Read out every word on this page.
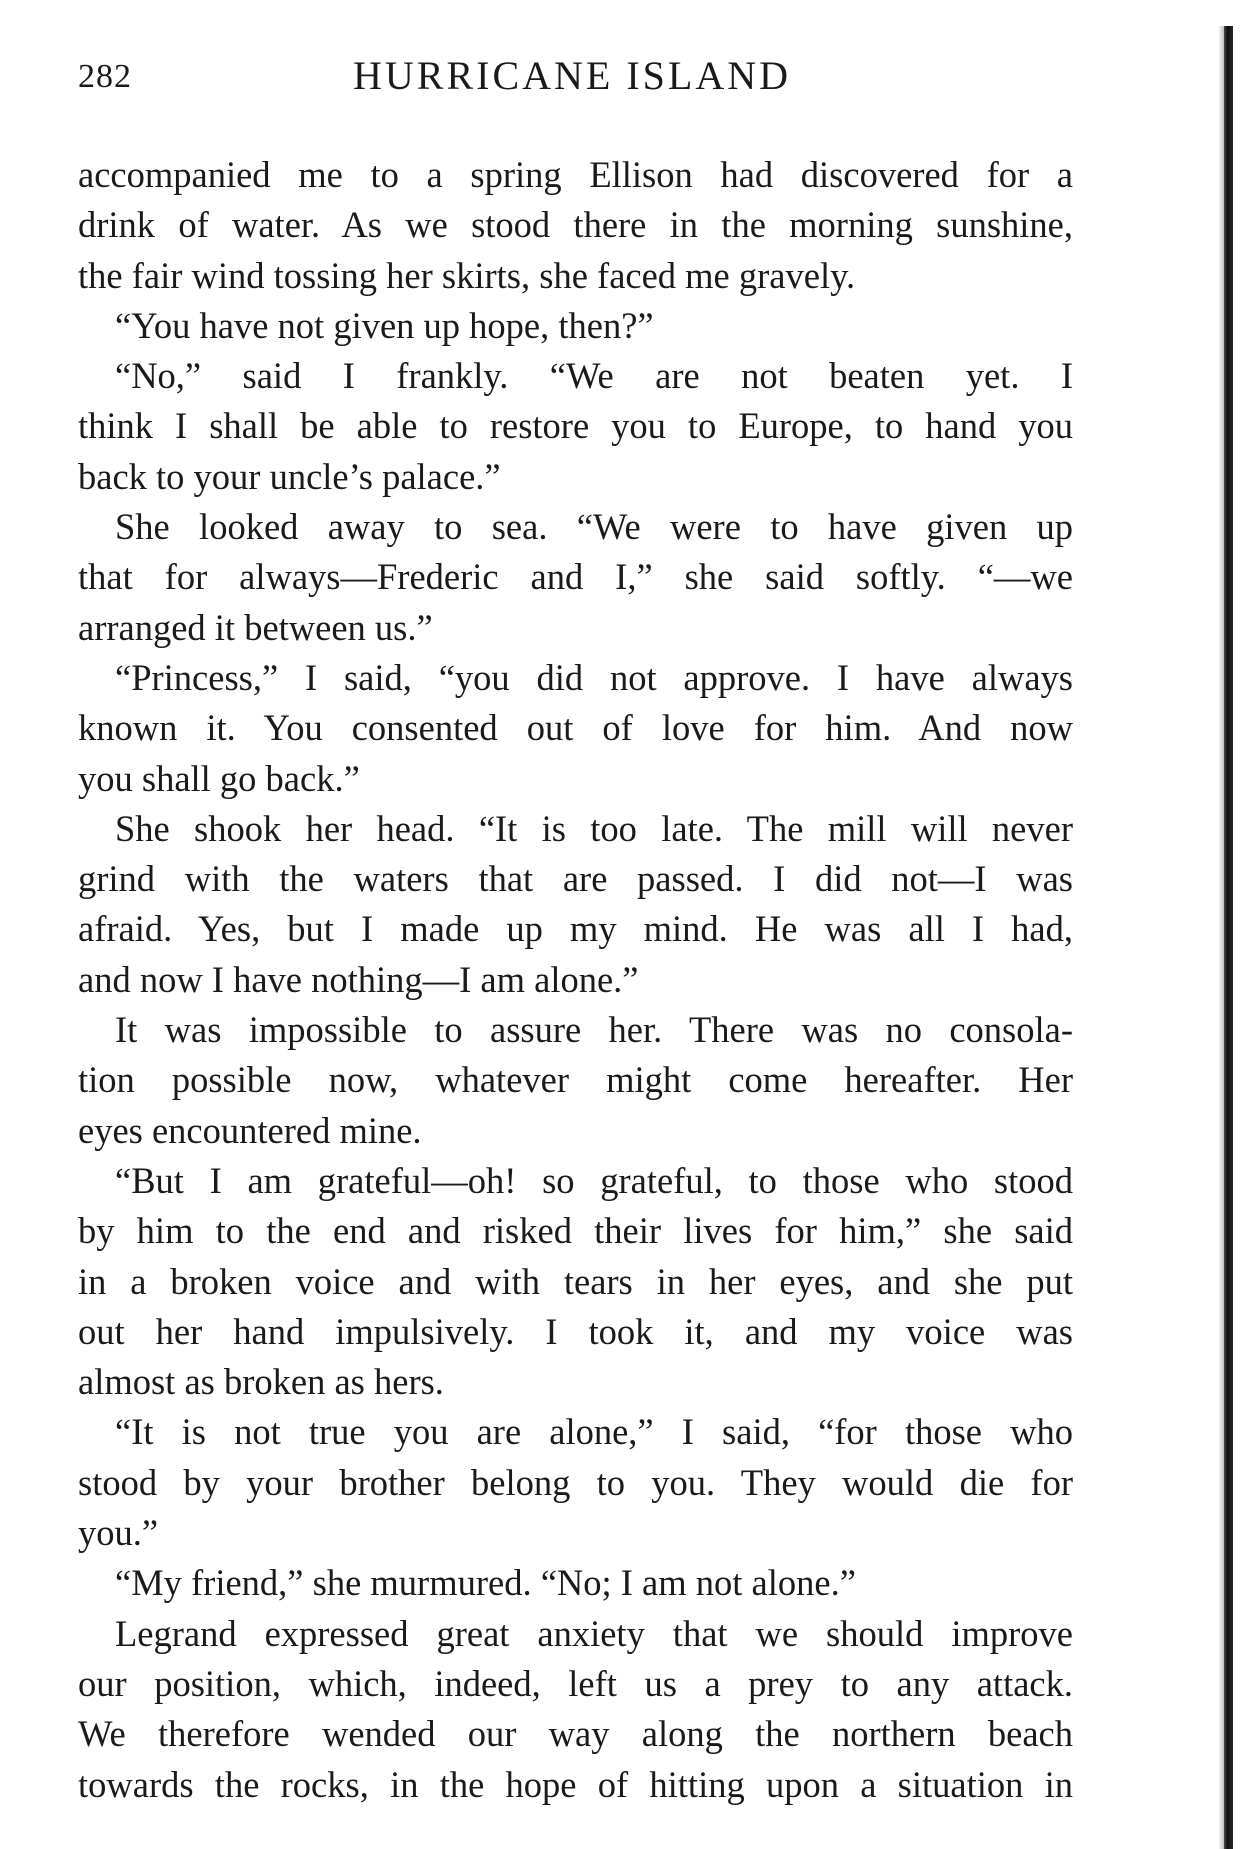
282	HURRICANE ISLAND
accompanied me to a spring Ellison had discovered for a
drink of water. As we stood there in the morning sunshine,
the fair wind tossing her skirts, she faced me gravely.
“You have not given up hope, then?”
“No,” said I frankly. “We are not beaten yet. I
think I shall be able to restore you to Europe, to hand you
back to your uncle’s palace.”
She looked away to sea. “We were to have given up
that for always—Frederic and I,” she said softly. “—we
arranged it between us.”
“Princess,” I said, “you did not approve. I have always
known it. You consented out of love for him. And now
you shall go back.”
She shook her head. “It is too late. The mill will never
grind with the waters that are passed. I did not—I was
afraid. Yes, but I made up my mind. He was all I had,
and now I have nothing—I am alone.”
It was impossible to assure her. There was no consola-
tion possible now, whatever might come hereafter. Her
eyes encountered mine.
“But I am grateful—oh! so grateful, to those who stood
by him to the end and risked their lives for him,” she said
in a broken voice and with tears in her eyes, and she put
out her hand impulsively. I took it, and my voice was
almost as broken as hers.
“It is not true you are alone,” I said, “for those who
stood by your brother belong to you. They would die for
you.”
“My friend,” she murmured. “No; I am not alone.”
Legrand expressed great anxiety that we should improve
our position, which, indeed, left us a prey to any attack.
We therefore wended our way along the northern beach
towards the rocks, in the hope of hitting upon a situation in
